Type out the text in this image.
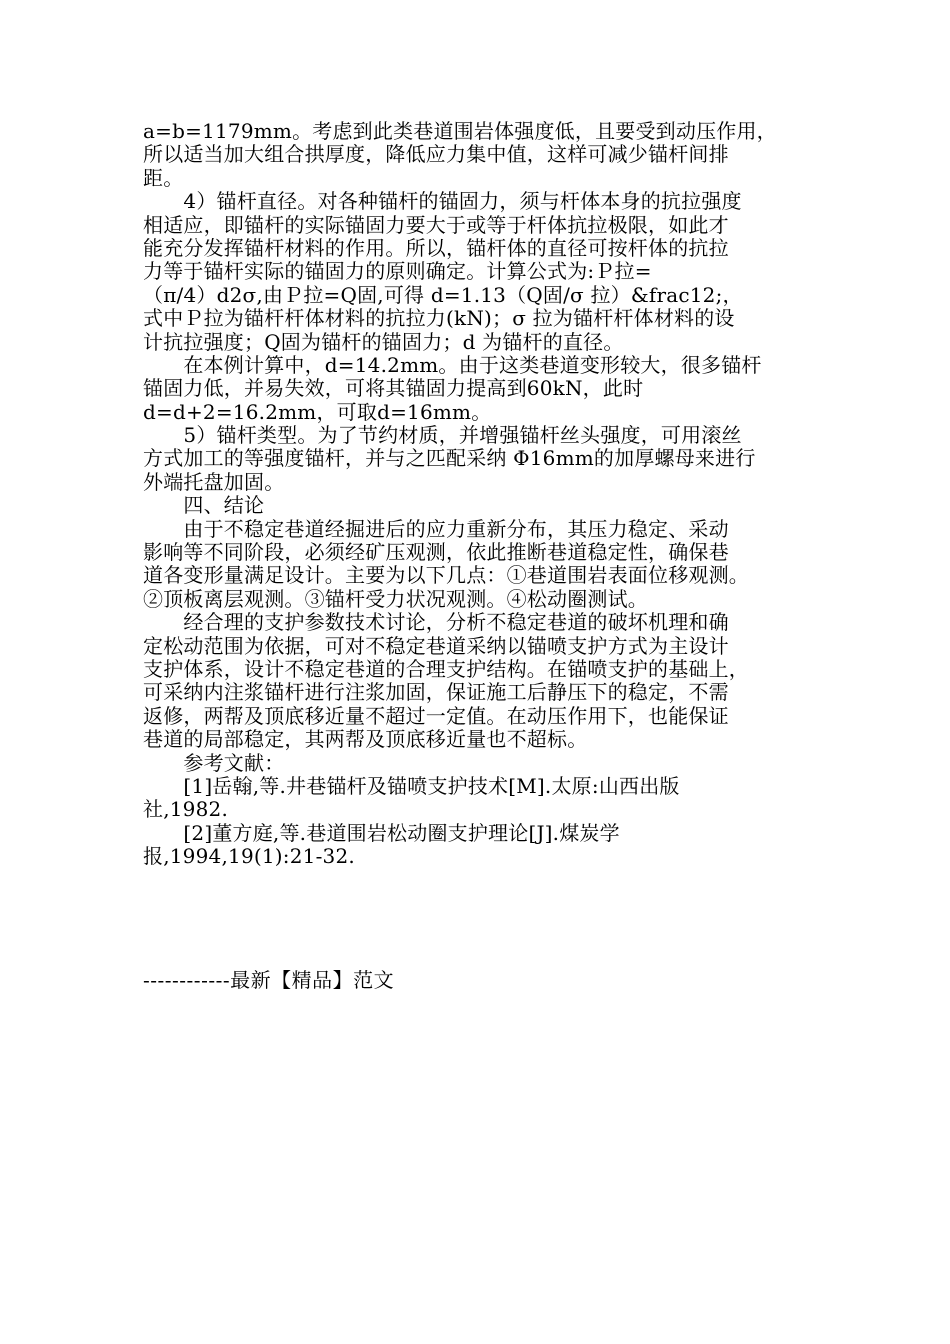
a=b=1179mm。考虑到此类巷道围岩体强度低，且要受到动压作用，
所以适当加大组合拱厚度，降低应力集中值，这样可减少锚杆间排
距。
　　4）锚杆直径。对各种锚杆的锚固力，须与杆体本身的抗拉强度
相适应，即锚杆的实际锚固力要大于或等于杆体抗拉极限，如此才
能充分发挥锚杆材料的作用。所以，锚杆体的直径可按杆体的抗拉
力等于锚杆实际的锚固力的原则确定。计算公式为:Ｐ拉=
（π/4）d2σ,由Ｐ拉=Q固,可得 d=1.13（Q固/σ 拉）&frac12;，
式中Ｐ拉为锚杆杆体材料的抗拉力(kN)；σ 拉为锚杆杆体材料的设
计抗拉强度；Q固为锚杆的锚固力；d 为锚杆的直径。
　　在本例计算中，d=14.2mm。由于这类巷道变形较大，很多锚杆
锚固力低，并易失效，可将其锚固力提高到60kN，此时
d=d+2=16.2mm，可取d=16mm。
　　5）锚杆类型。为了节约材质，并增强锚杆丝头强度，可用滚丝
方式加工的等强度锚杆，并与之匹配采纳 Φ16mm的加厚螺母来进行
外端托盘加固。
　　四、结论
　　由于不稳定巷道经掘进后的应力重新分布，其压力稳定、采动
影响等不同阶段，必须经矿压观测，依此推断巷道稳定性，确保巷
道各变形量满足设计。主要为以下几点：①巷道围岩表面位移观测。
②顶板离层观测。③锚杆受力状况观测。④松动圈测试。
　　经合理的支护参数技术讨论，分析不稳定巷道的破坏机理和确
定松动范围为依据，可对不稳定巷道采纳以锚喷支护方式为主设计
支护体系，设计不稳定巷道的合理支护结构。在锚喷支护的基础上，
可采纳内注浆锚杆进行注浆加固，保证施工后静压下的稳定，不需
返修，两帮及顶底移近量不超过一定值。在动压作用下，也能保证
巷道的局部稳定，其两帮及顶底移近量也不超标。
　　参考文献：
　　[1]岳翰,等.井巷锚杆及锚喷支护技术[M].太原:山西出版
社,1982.
　　[2]董方庭,等.巷道围岩松动圈支护理论[J].煤炭学
报,1994,19(1):21-32.
------------最新【精品】范文
